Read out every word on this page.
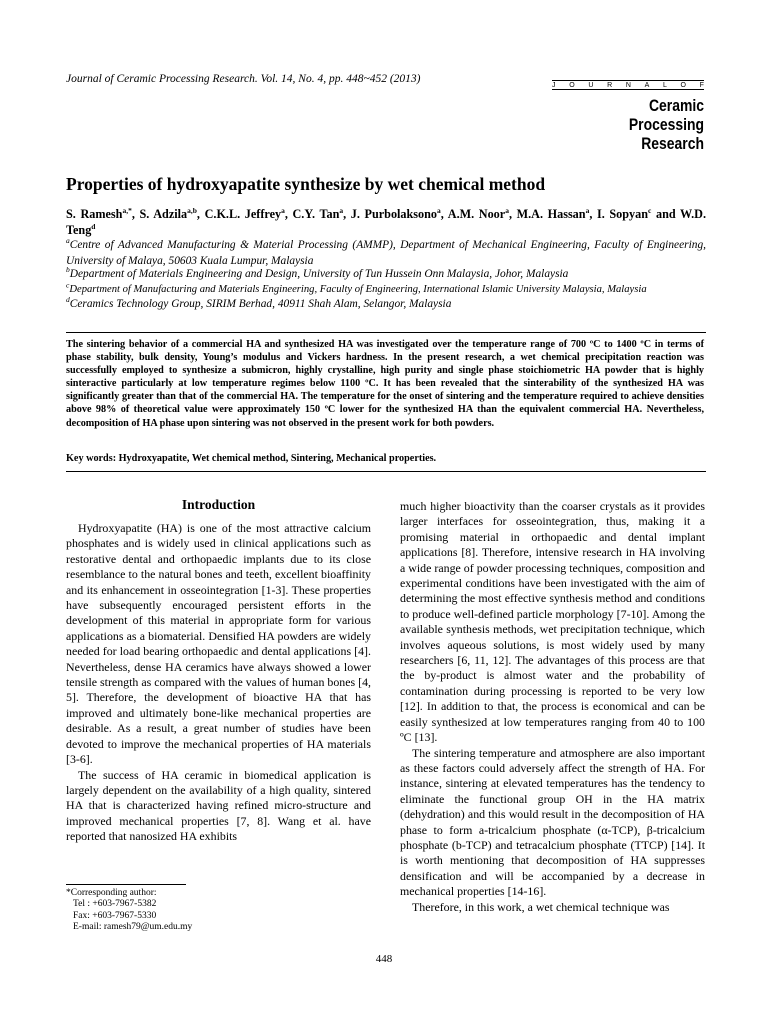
Journal of Ceramic Processing Research. Vol. 14, No. 4, pp. 448~452 (2013)
J O U R N A L O F
Ceramic
Processing Research
Properties of hydroxyapatite synthesize by wet chemical method
S. Ramesh$^{a,*}$, S. Adzila$^{a,b}$, C.K.L. Jeffrey$^a$, C.Y. Tan$^a$, J. Purbolaksono$^a$, A.M. Noor$^a$, M.A. Hassan$^a$, I. Sopyan$^c$ and W.D. Teng$^d$
$^a$Centre of Advanced Manufacturing & Material Processing (AMMP), Department of Mechanical Engineering, Faculty of Engineering, University of Malaya, 50603 Kuala Lumpur, Malaysia
$^b$Department of Materials Engineering and Design, University of Tun Hussein Onn Malaysia, Johor, Malaysia
$^c$Department of Manufacturing and Materials Engineering, Faculty of Engineering, International Islamic University Malaysia, Malaysia
$^d$Ceramics Technology Group, SIRIM Berhad, 40911 Shah Alam, Selangor, Malaysia
The sintering behavior of a commercial HA and synthesized HA was investigated over the temperature range of 700 ºC to 1400 ºC in terms of phase stability, bulk density, Young’s modulus and Vickers hardness. In the present research, a wet chemical precipitation reaction was successfully employed to synthesize a submicron, highly crystalline, high purity and single phase stoichiometric HA powder that is highly sinteractive particularly at low temperature regimes below 1100 ºC. It has been revealed that the sinterability of the synthesized HA was significantly greater than that of the commercial HA. The temperature for the onset of sintering and the temperature required to achieve densities above 98% of theoretical value were approximately 150 ºC lower for the synthesized HA than the equivalent commercial HA. Nevertheless, decomposition of HA phase upon sintering was not observed in the present work for both powders.
Key words: Hydroxyapatite, Wet chemical method, Sintering, Mechanical properties.
Introduction

Hydroxyapatite (HA) is one of the most attractive calcium phosphates and is widely used in clinical applications such as restorative dental and orthopaedic implants due to its close resemblance to the natural bones and teeth, excellent bioaffinity and its enhancement in osseointegration [1-3]. These properties have subsequently encouraged persistent efforts in the development of this material in appropriate form for various applications as a biomaterial. Densified HA powders are widely needed for load bearing orthopaedic and dental applications [4]. Nevertheless, dense HA ceramics have always showed a lower tensile strength as compared with the values of human bones [4, 5]. Therefore, the development of bioactive HA that has improved and ultimately bone-like mechanical properties are desirable. As a result, a great number of studies have been devoted to improve the mechanical properties of HA materials [3-6].

The success of HA ceramic in biomedical application is largely dependent on the availability of a high quality, sintered HA that is characterized having refined micro-structure and improved mechanical properties [7, 8]. Wang et al. have reported that nanosized HA exhibits

much higher bioactivity than the coarser crystals as it provides larger interfaces for osseointegration, thus, making it a promising material in orthopaedic and dental implant applications [8]. Therefore, intensive research in HA involving a wide range of powder processing techniques, composition and experimental conditions have been investigated with the aim of determining the most effective synthesis method and conditions to produce well-defined particle morphology [7-10]. Among the available synthesis methods, wet precipitation technique, which involves aqueous solutions, is most widely used by many researchers [6, 11, 12]. The advantages of this process are that the by-product is almost water and the probability of contamination during processing is reported to be very low [12]. In addition to that, the process is economical and can be easily synthesized at low temperatures ranging from 40 to 100 ºC [13].

The sintering temperature and atmosphere are also important as these factors could adversely affect the strength of HA. For instance, sintering at elevated temperatures has the tendency to eliminate the functional group OH in the HA matrix (dehydration) and this would result in the decomposition of HA phase to form a-tricalcium phosphate (α-TCP), β-tricalcium phosphate (b-TCP) and tetracalcium phosphate (TTCP) [14]. It is worth mentioning that decomposition of HA suppresses densification and will be accompanied by a decrease in mechanical properties [14-16].

Therefore, in this work, a wet chemical technique was

*Corresponding author:
Tel : +603-7967-5382
Fax: +603-7967-5330
E-mail: ramesh79@um.edu.my
448
